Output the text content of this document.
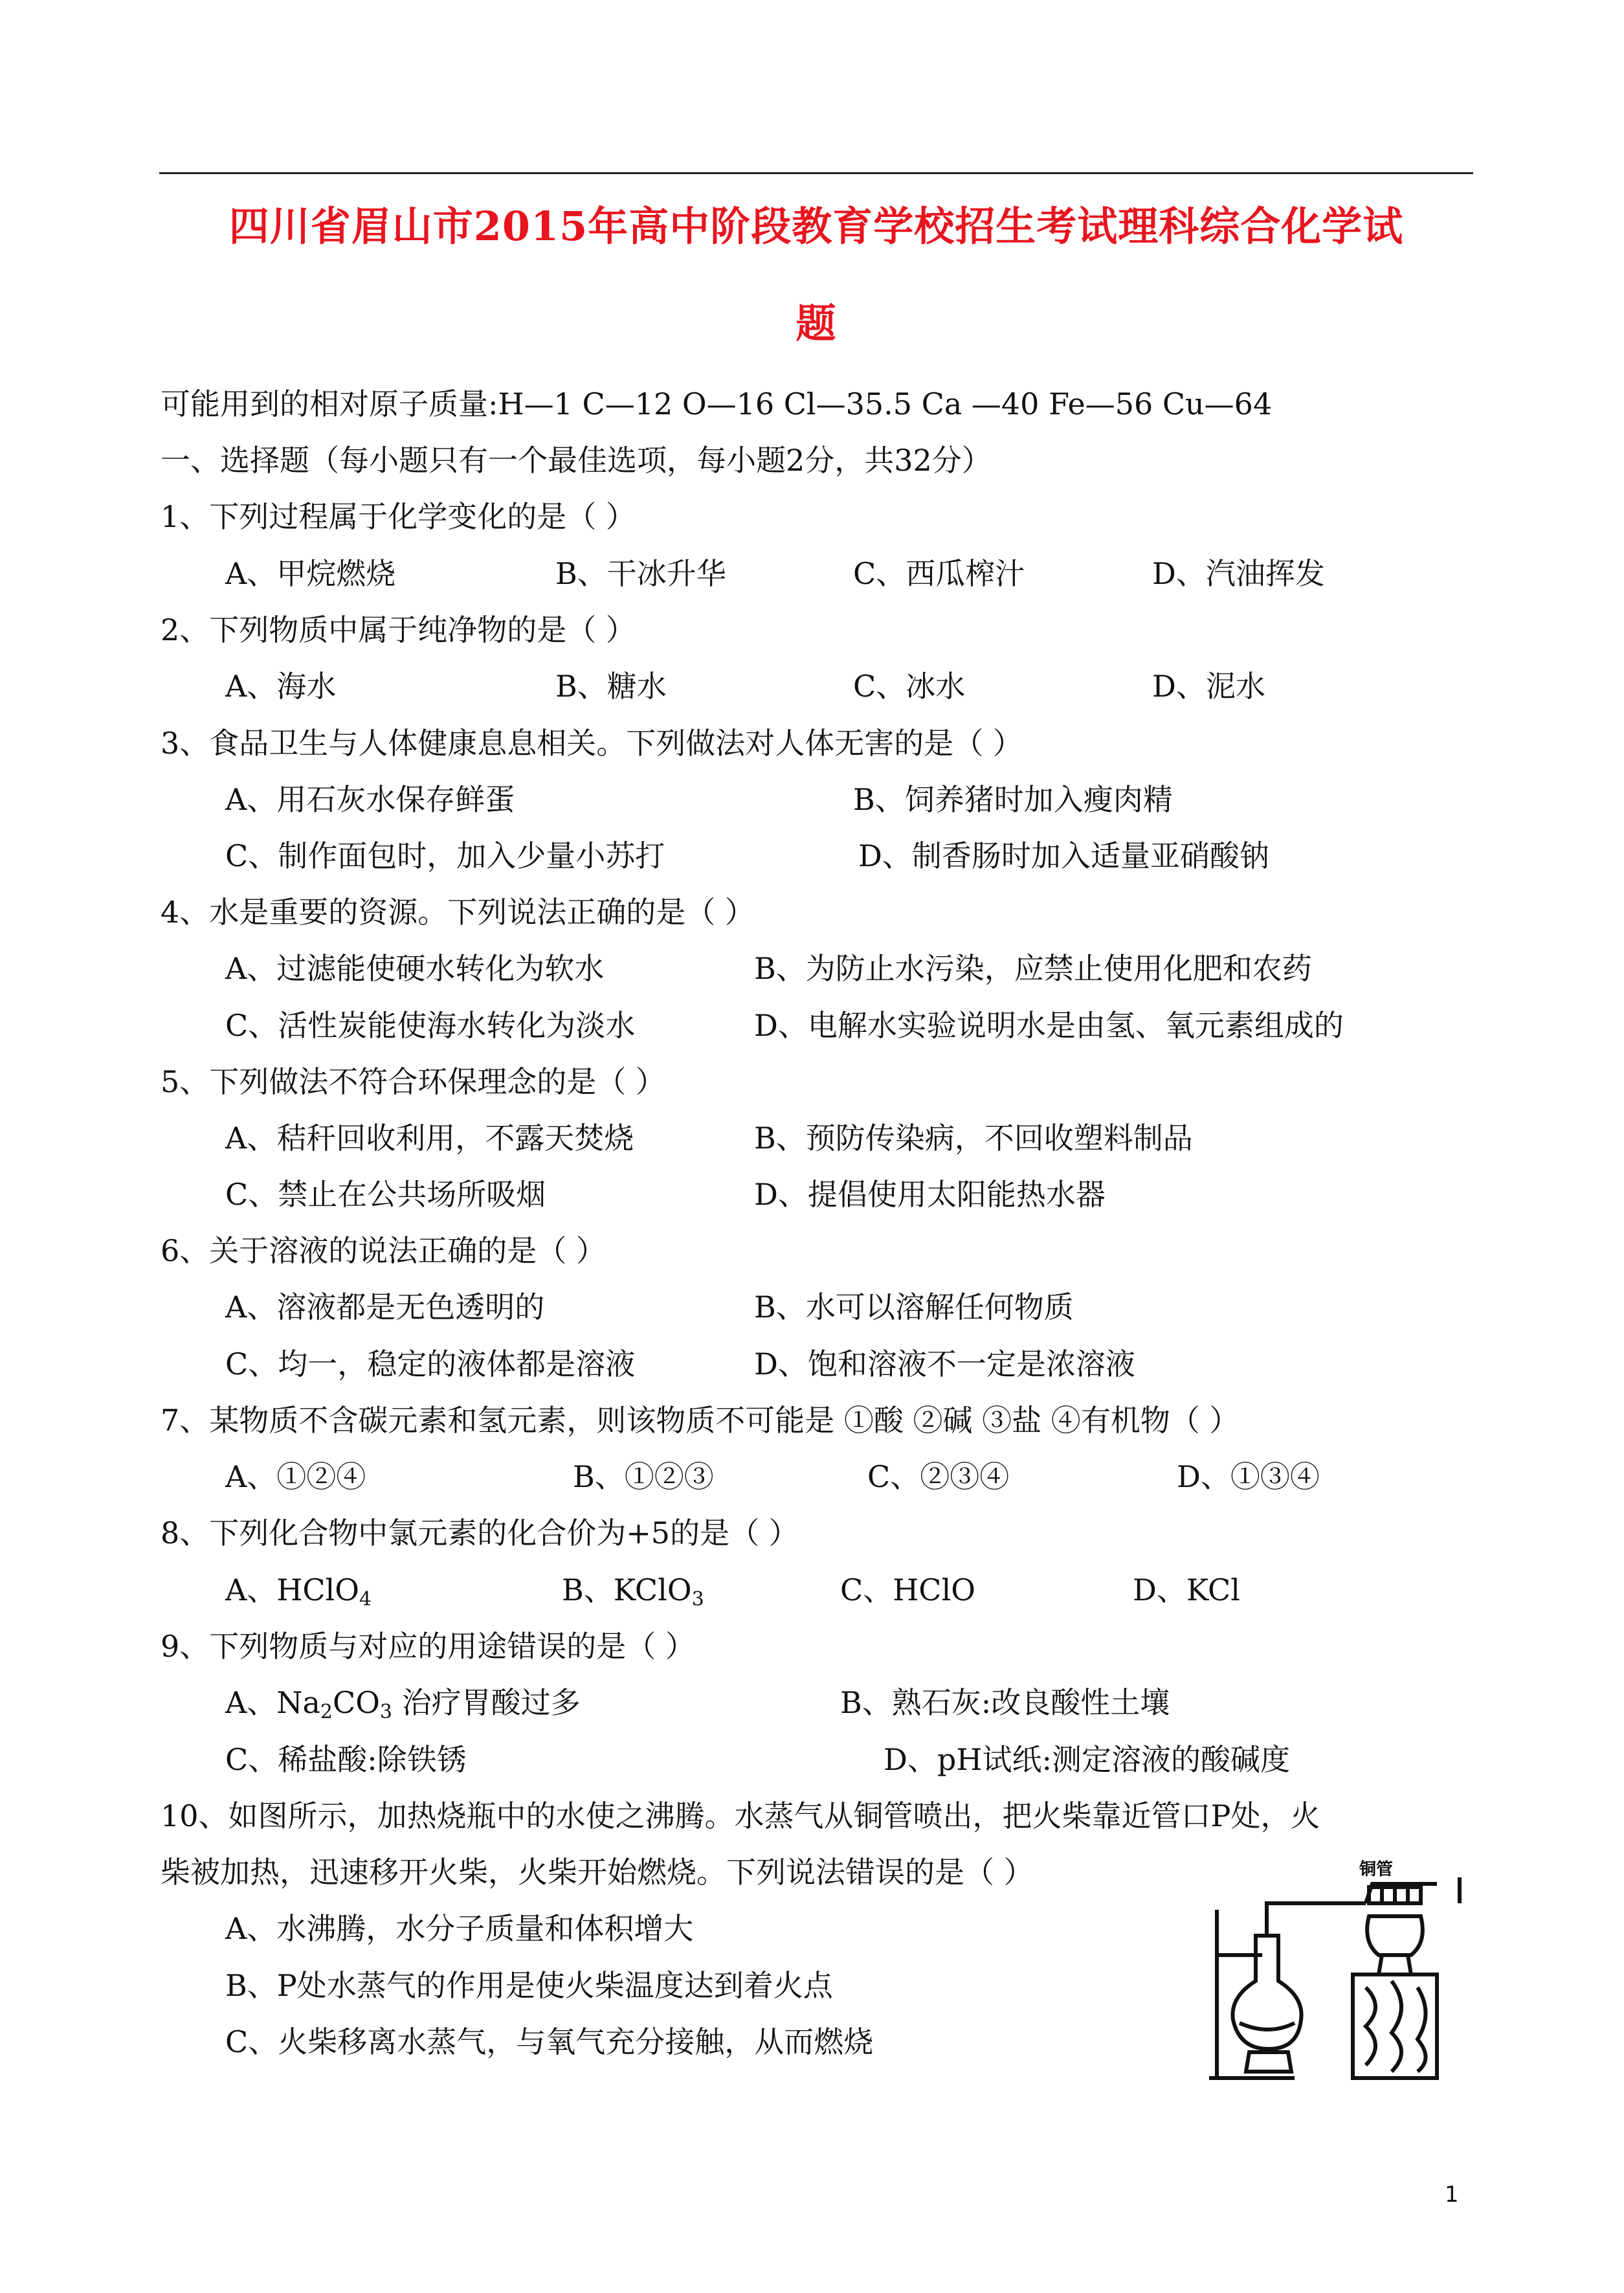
四川省眉山市2015年高中阶段教育学校招生考试理科综合化学试
题
可能用到的相对原子质量:H—1 C—12 O—16 Cl—35.5 Ca —40 Fe—56 Cu—64
一、选择题（每小题只有一个最佳选项，每小题2分，共32分）
1、下列过程属于化学变化的是（ ）
A、甲烷燃烧	B、干冰升华	C、西瓜榨汁	D、汽油挥发
2、下列物质中属于纯净物的是（ ）
A、海水	B、糖水	C、冰水	D、泥水
3、食品卫生与人体健康息息相关。下列做法对人体无害的是（ ）
A、用石灰水保存鲜蛋	B、饲养猪时加入瘦肉精
C、制作面包时，加入少量小苏打	D、制香肠时加入适量亚硝酸钠
4、水是重要的资源。下列说法正确的是（ ）
A、过滤能使硬水转化为软水	B、为防止水污染，应禁止使用化肥和农药
C、活性炭能使海水转化为淡水	D、电解水实验说明水是由氢、氧元素组成的
5、下列做法不符合环保理念的是（ ）
A、秸秆回收利用，不露天焚烧	B、预防传染病，不回收塑料制品
C、禁止在公共场所吸烟	D、提倡使用太阳能热水器
6、关于溶液的说法正确的是（ ）
A、溶液都是无色透明的	B、水可以溶解任何物质
C、均一，稳定的液体都是溶液	D、饱和溶液不一定是浓溶液
7、某物质不含碳元素和氢元素，则该物质不可能是 ①酸 ②碱 ③盐 ④有机物（ ）
A、①②④	B、①②③	C、②③④	D、①③④
8、下列化合物中氯元素的化合价为+5的是（ ）
A、HClO$_4$	B、KClO$_3$	C、HClO	D、KCl
9、下列物质与对应的用途错误的是（ ）
A、$Na_2CO_3$ 治疗胃酸过多	B、熟石灰:改良酸性土壤
C、稀盐酸:除铁锈	D、pH试纸:测定溶液的酸碱度
10、如图所示，加热烧瓶中的水使之沸腾。水蒸气从铜管喷出，把火柴靠近管口P处，火
柴被加热，迅速移开火柴，火柴开始燃烧。下列说法错误的是（ ）
A、水沸腾，水分子质量和体积增大
B、P处水蒸气的作用是使火柴温度达到着火点
C、火柴移离水蒸气，与氧气充分接触，从而燃烧
铜管
1
